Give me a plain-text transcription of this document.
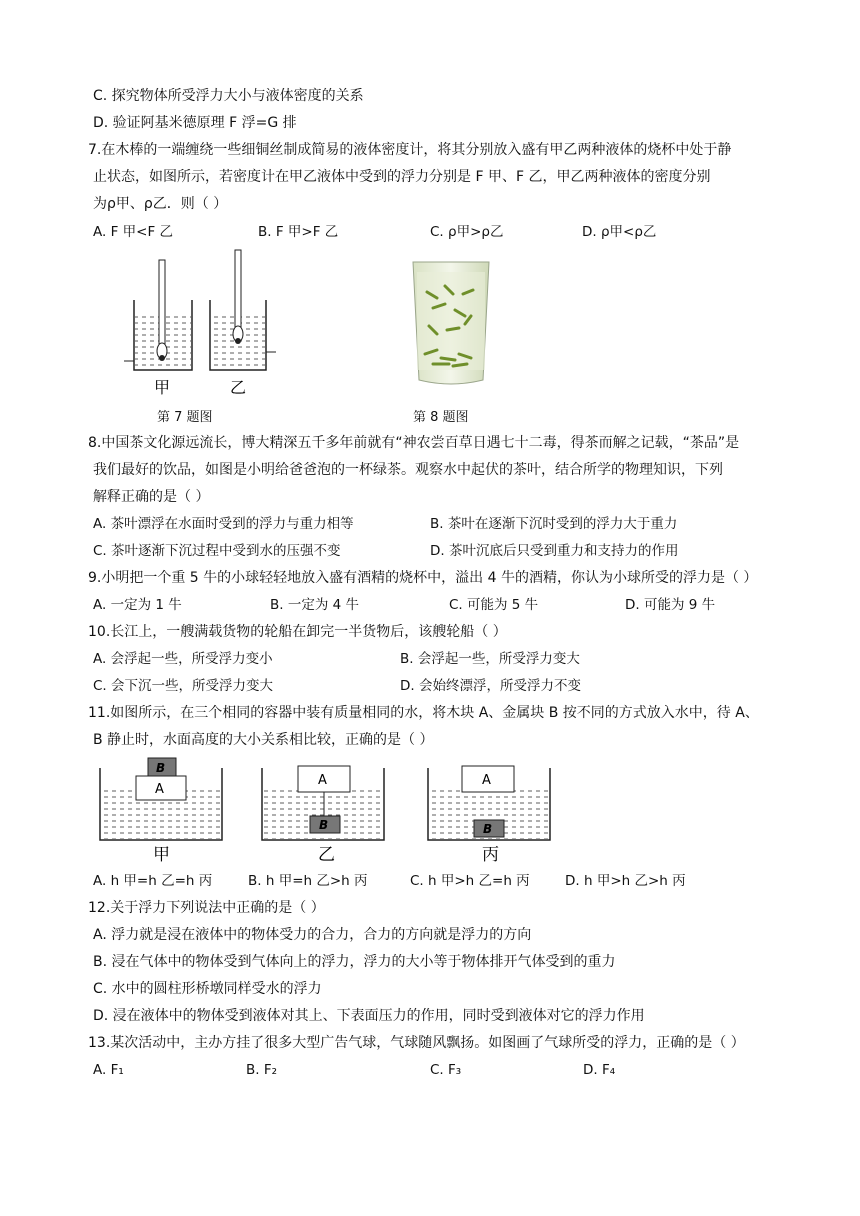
C. 探究物体所受浮力大小与液体密度的关系
D. 验证阿基米德原理 F 浮=G 排
7.在木棒的一端缠绕一些细铜丝制成简易的液体密度计，将其分别放入盛有甲乙两种液体的烧杯中处于静
止状态，如图所示，若密度计在甲乙液体中受到的浮力分别是 F 甲、F 乙，甲乙两种液体的密度分别
为ρ甲、ρ乙．则（ ）
A. F 甲<F 乙	B. F 甲>F 乙	C. ρ甲>ρ乙	D. ρ甲<ρ乙
甲	乙
第 7 题图	第 8 题图
8.中国茶文化源远流长，博大精深五千多年前就有“神农尝百草日遇七十二毒，得茶而解之记载，“茶品”是
我们最好的饮品，如图是小明给爸爸泡的一杯绿茶。观察水中起伏的茶叶，结合所学的物理知识，下列
解释正确的是（ ）
A. 茶叶漂浮在水面时受到的浮力与重力相等	B. 茶叶在逐渐下沉时受到的浮力大于重力
C. 茶叶逐渐下沉过程中受到水的压强不变	D. 茶叶沉底后只受到重力和支持力的作用
9.小明把一个重 5 牛的小球轻轻地放入盛有酒精的烧杯中，溢出 4 牛的酒精，你认为小球所受的浮力是（ ）
A. 一定为 1 牛	B. 一定为 4 牛	C. 可能为 5 牛	D. 可能为 9 牛
10.长江上，一艘满载货物的轮船在卸完一半货物后，该艘轮船（ ）
A. 会浮起一些，所受浮力变小	B. 会浮起一些，所受浮力变大
C. 会下沉一些，所受浮力变大	D. 会始终漂浮，所受浮力不变
11.如图所示，在三个相同的容器中装有质量相同的水，将木块 A、金属块 B 按不同的方式放入水中，待 A、
B 静止时，水面高度的大小关系相比较，正确的是（ ）
A
B
甲
A
B
乙
A
B
丙
A. h 甲=h 乙=h 丙	B. h 甲=h 乙>h 丙	C. h 甲>h 乙=h 丙	D. h 甲>h 乙>h 丙
12.关于浮力下列说法中正确的是（ ）
A. 浮力就是浸在液体中的物体受力的合力，合力的方向就是浮力的方向
B. 浸在气体中的物体受到气体向上的浮力，浮力的大小等于物体排开气体受到的重力
C. 水中的圆柱形桥墩同样受水的浮力
D. 浸在液体中的物体受到液体对其上、下表面压力的作用，同时受到液体对它的浮力作用
13.某次活动中，主办方挂了很多大型广告气球，气球随风飘扬。如图画了气球所受的浮力，正确的是（ ）
A. F₁	B. F₂	C. F₃	D. F₄
